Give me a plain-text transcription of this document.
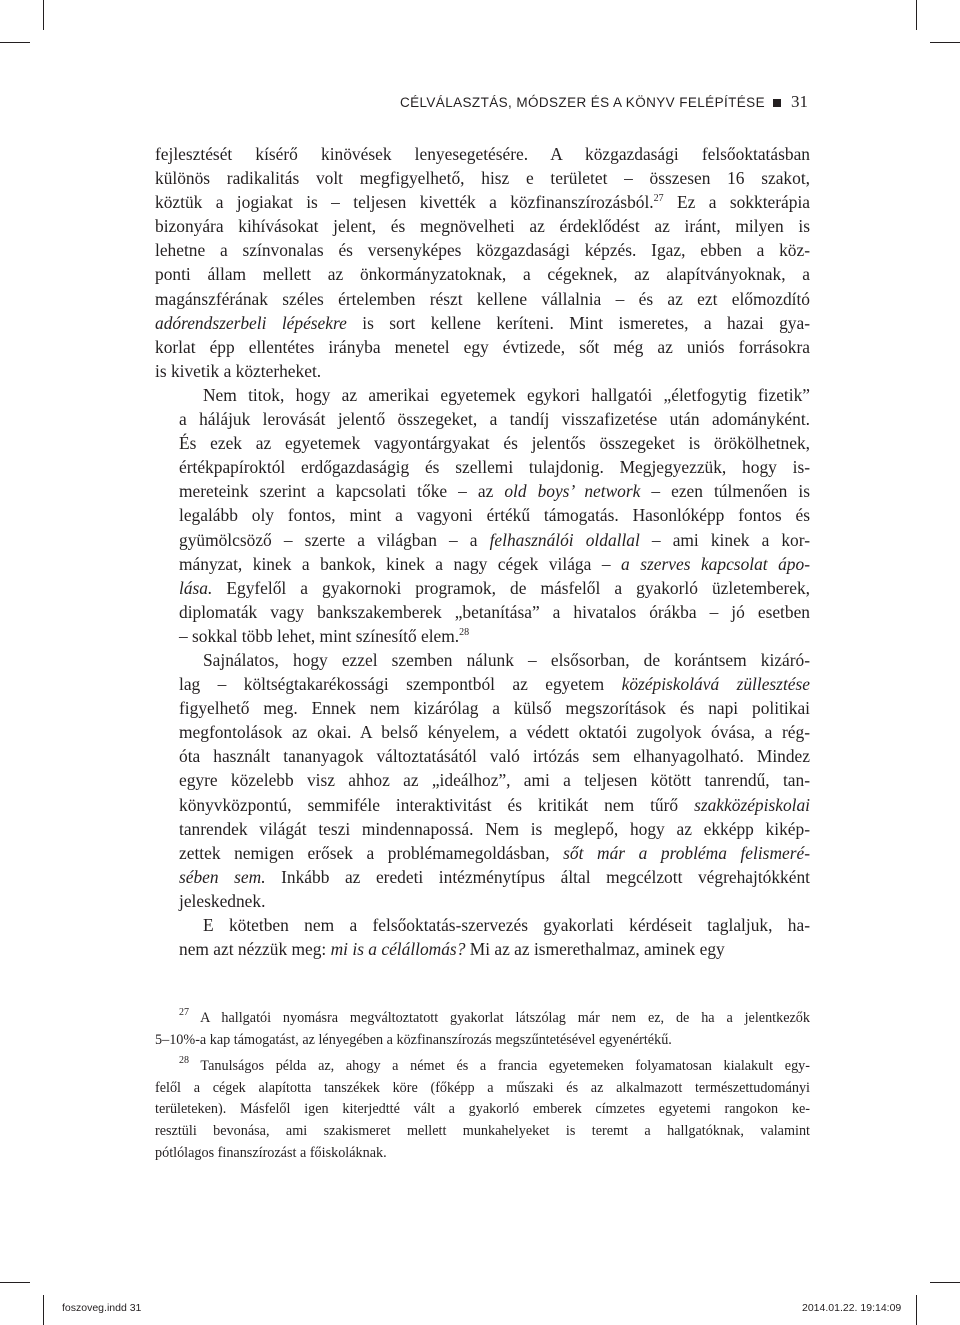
CÉLVÁLASZTÁS, MÓDSZER ÉS A KÖNYV FELÉPÍTÉSE 31

fejlesztését kísérő kinövések lenyesegetésére. A közgazdasági felsőoktatásban
különös radikalitás volt megfigyelhető, hisz e területet – összesen 16 szakot,
köztük a jogiakat is – teljesen kivették a közfinanszírozásból.$^{27}$ Ez a sokkterápia
bizonyára kihívásokat jelent, és megnövelheti az érdeklődést az iránt, milyen is
lehetne a színvonalas és versenyképes közgazdasági képzés. Igaz, ebben a köz-
ponti állam mellett az önkormányzatoknak, a cégeknek, az alapítványoknak, a
magánszférának széles értelemben részt kellene vállalnia – és az ezt előmozdító
adórendszerbeli lépésekre is sort kellene keríteni. Mint ismeretes, a hazai gya-
korlat épp ellentétes irányba menetel egy évtizede, sőt még az uniós forrásokra
is kivetik a közterheket.

Nem titok, hogy az amerikai egyetemek egykori hallgatói „életfogytig fizetik”
a hálájuk lerovását jelentő összegeket, a tandíj visszafizetése után adományként.
És ezek az egyetemek vagyontárgyakat és jelentős összegeket is örökölhetnek,
értékpapíroktól erdőgazdaságig és szellemi tulajdonig. Megjegyezzük, hogy is-
mereteink szerint a kapcsolati tőke – az old boys’ network – ezen túlmenően is
legalább oly fontos, mint a vagyoni értékű támogatás. Hasonlóképp fontos és
gyümölcsöző – szerte a világban – a felhasználói oldallal – ami kinek a kor-
mányzat, kinek a bankok, kinek a nagy cégek világa – a szerves kapcsolat ápo-
lása. Egyfelől a gyakornoki programok, de másfelől a gyakorló üzletemberek,
diplomaták vagy bankszakemberek „betanítása” a hivatalos órákba – jó esetben
– sokkal több lehet, mint színesítő elem.$^{28}$

Sajnálatos, hogy ezzel szemben nálunk – elsősorban, de korántsem kizáró-
lag – költségtakarékossági szempontból az egyetem középiskolává züllesztése
figyelhető meg. Ennek nem kizárólag a külső megszorítások és napi politikai
megfontolások az okai. A belső kényelem, a védett oktatói zugolyok óvása, a rég-
óta használt tananyagok változtatásától való irtózás sem elhanyagolható. Mindez
egyre közelebb visz ahhoz az „ideálhoz”, ami a teljesen kötött tanrendű, tan-
könyvközpontú, semmiféle interaktivitást és kritikát nem tűrő szakközépiskolai
tanrendek világát teszi mindennapossá. Nem is meglepő, hogy az ekképp kikép-
zettek nemigen erősek a problémamegoldásban, sőt már a probléma felismeré-
sében sem. Inkább az eredeti intézménytípus által megcélzott végrehajtókként
jeleskednek.

E kötetben nem a felsőoktatás-szervezés gyakorlati kérdéseit taglaljuk, ha-
nem azt nézzük meg: mi is a célállomás? Mi az az ismerethalmaz, aminek egy

$^{27}$ A hallgatói nyomásra megváltoztatott gyakorlat látszólag már nem ez, de ha a jelentkezők
5–10%-a kap támogatást, az lényegében a közfinanszírozás megszűntetésével egyenértékű.

$^{28}$ Tanulságos példa az, ahogy a német és a francia egyetemeken folyamatosan kialakult egy-
felől a cégek alapította tanszékek köre (főképp a műszaki és az alkalmazott természettudományi
területeken). Másfelől igen kiterjedtté vált a gyakorló emberek címzetes egyetemi rangokon ke-
resztüli bevonása, ami szakismeret mellett munkahelyeket is teremt a hallgatóknak, valamint
pótlólagos finanszírozást a főiskoláknak.

foszoveg.indd 31	2014.01.22. 19:14:09
